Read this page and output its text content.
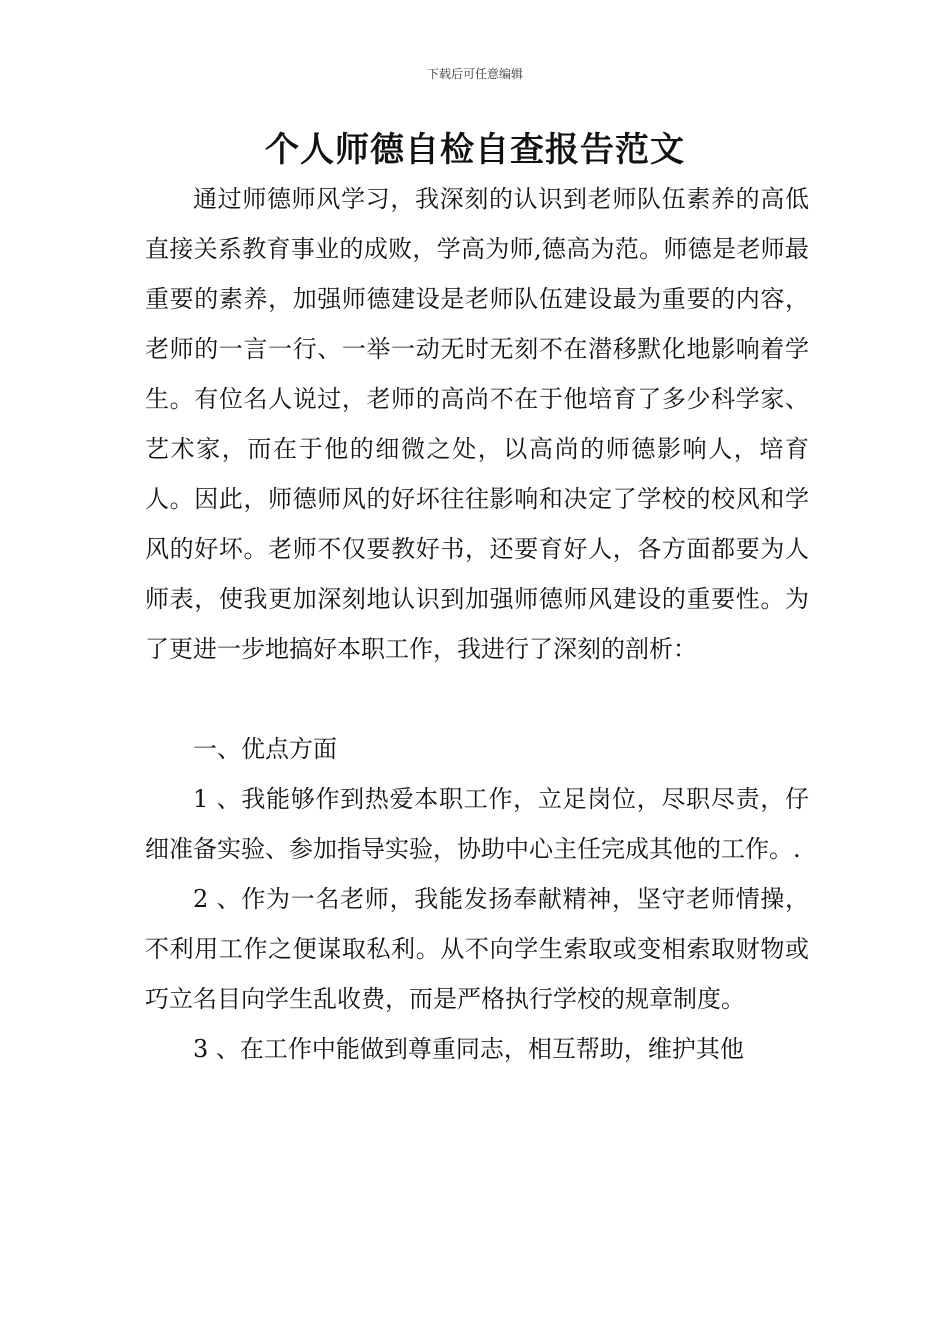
下载后可任意编辑
个人师德自检自查报告范文

通过师德师风学习，我深刻的认识到老师队伍素养的高低直接关系教育事业的成败，学高为师,德高为范。师德是老师最重要的素养，加强师德建设是老师队伍建设最为重要的内容，老师的一言一行、一举一动无时无刻不在潜移默化地影响着学生。有位名人说过，老师的高尚不在于他培育了多少科学家、艺术家，而在于他的细微之处，以高尚的师德影响人，培育人。因此，师德师风的好坏往往影响和决定了学校的校风和学风的好坏。老师不仅要教好书，还要育好人，各方面都要为人师表，使我更加深刻地认识到加强师德师风建设的重要性。为了更进一步地搞好本职工作，我进行了深刻的剖析：

一、优点方面

1 、我能够作到热爱本职工作，立足岗位，尽职尽责，仔细准备实验、参加指导实验，协助中心主任完成其他的工作。.

2 、作为一名老师，我能发扬奉献精神，坚守老师情操，不利用工作之便谋取私利。从不向学生索取或变相索取财物或巧立名目向学生乱收费，而是严格执行学校的规章制度。

3 、在工作中能做到尊重同志，相互帮助，维护其他
